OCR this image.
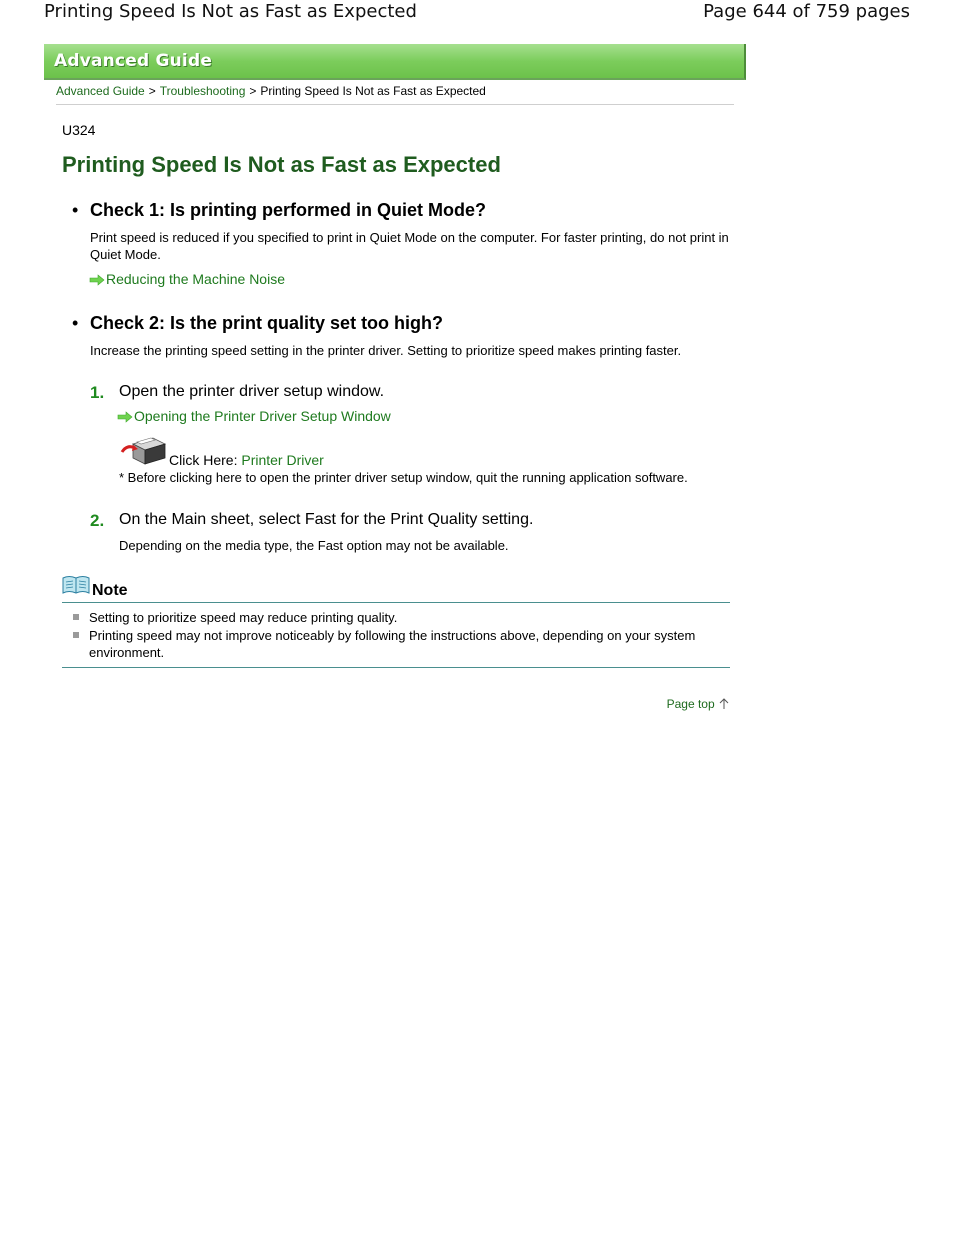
Printing Speed Is Not as Fast as Expected	Page 644 of 759 pages
Advanced Guide
Advanced Guide > Troubleshooting > Printing Speed Is Not as Fast as Expected

U324

Printing Speed Is Not as Fast as Expected
• Check 1: Is printing performed in Quiet Mode?

Print speed is reduced if you specified to print in Quiet Mode on the computer. For faster printing, do not print in Quiet Mode.

Reducing the Machine Noise
• Check 2: Is the print quality set too high?

Increase the printing speed setting in the printer driver. Setting to prioritize speed makes printing faster.

1. Open the printer driver setup window.
Opening the Printer Driver Setup Window
Click Here: Printer Driver
* Before clicking here to open the printer driver setup window, quit the running application software.
2. On the Main sheet, select Fast for the Print Quality setting.
Depending on the media type, the Fast option may not be available.
Note
Setting to prioritize speed may reduce printing quality.
Printing speed may not improve noticeably by following the instructions above, depending on your system environment.
Page top
